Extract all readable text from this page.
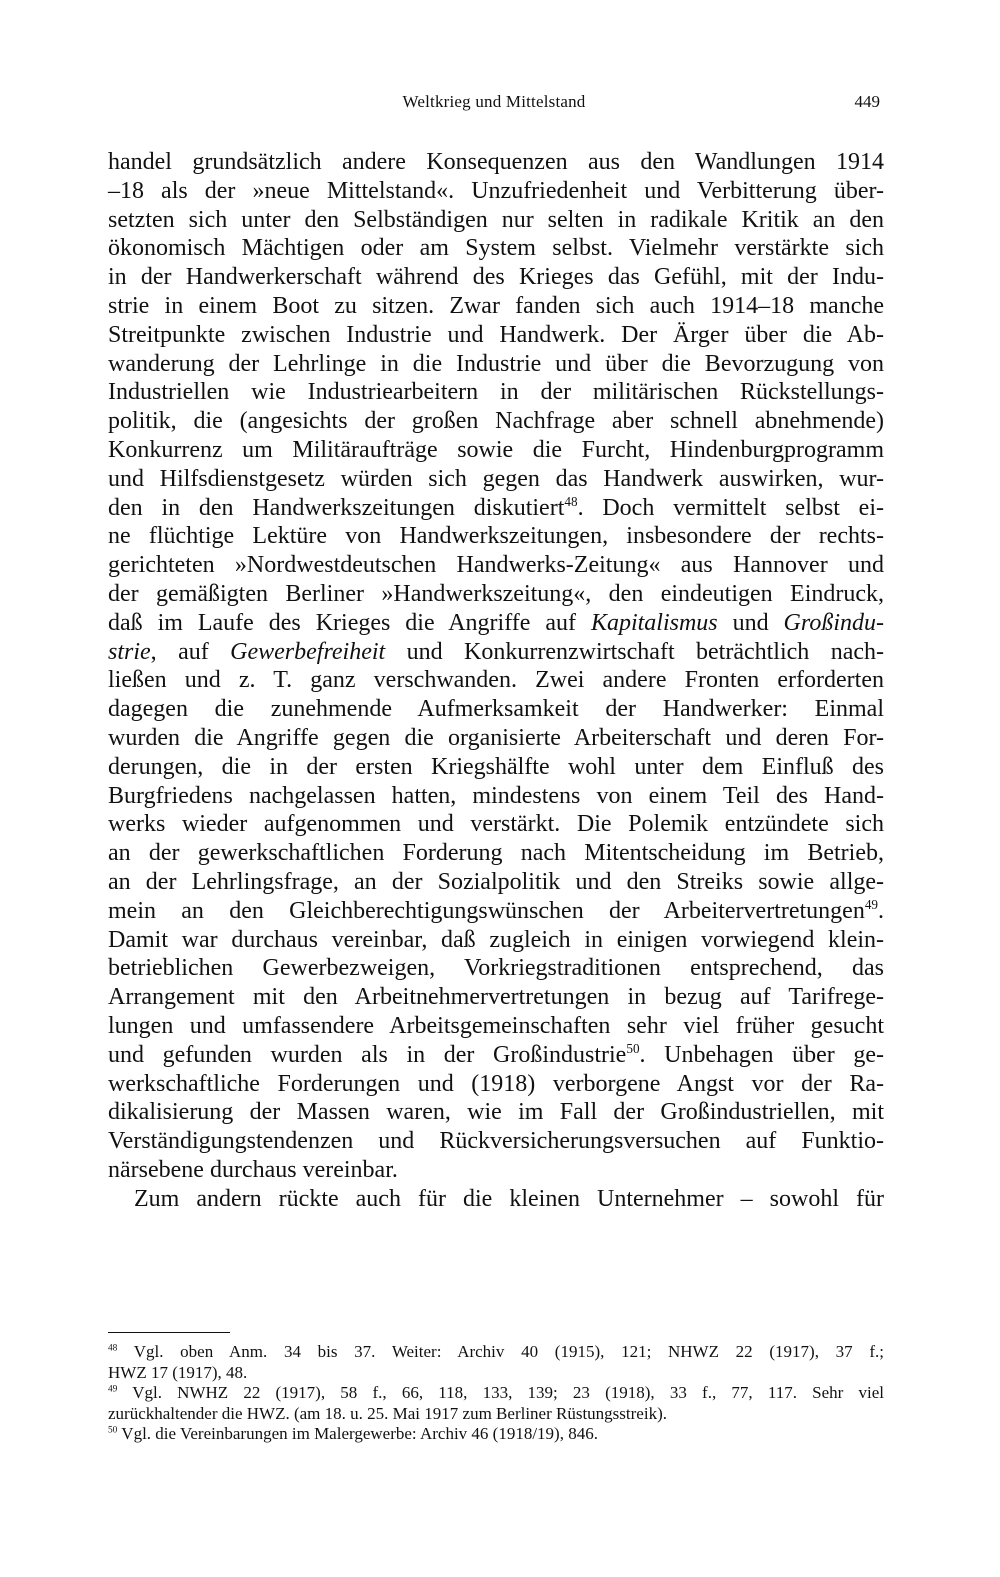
Weltkrieg und Mittelstand	449
handel grundsätzlich andere Konsequenzen aus den Wandlungen 1914
–18 als der »neue Mittelstand«. Unzufriedenheit und Verbitterung über-
setzten sich unter den Selbständigen nur selten in radikale Kritik an den
ökonomisch Mächtigen oder am System selbst. Vielmehr verstärkte sich
in der Handwerkerschaft während des Krieges das Gefühl, mit der Indu-
strie in einem Boot zu sitzen. Zwar fanden sich auch 1914–18 manche
Streitpunkte zwischen Industrie und Handwerk. Der Ärger über die Ab-
wanderung der Lehrlinge in die Industrie und über die Bevorzugung von
Industriellen wie Industriearbeitern in der militärischen Rückstellungs-
politik, die (angesichts der großen Nachfrage aber schnell abnehmende)
Konkurrenz um Militäraufträge sowie die Furcht, Hindenburgprogramm
und Hilfsdienstgesetz würden sich gegen das Handwerk auswirken, wur-
den in den Handwerkszeitungen diskutiert$^{48}$. Doch vermittelt selbst ei-
ne flüchtige Lektüre von Handwerkszeitungen, insbesondere der rechts-
gerichteten »Nordwestdeutschen Handwerks-Zeitung« aus Hannover und
der gemäßigten Berliner »Handwerkszeitung«, den eindeutigen Eindruck,
daß im Laufe des Krieges die Angriffe auf Kapitalismus und Großindu-
strie, auf Gewerbefreiheit und Konkurrenzwirtschaft beträchtlich nach-
ließen und z. T. ganz verschwanden. Zwei andere Fronten erforderten
dagegen die zunehmende Aufmerksamkeit der Handwerker: Einmal
wurden die Angriffe gegen die organisierte Arbeiterschaft und deren For-
derungen, die in der ersten Kriegshälfte wohl unter dem Einfluß des
Burgfriedens nachgelassen hatten, mindestens von einem Teil des Hand-
werks wieder aufgenommen und verstärkt. Die Polemik entzündete sich
an der gewerkschaftlichen Forderung nach Mitentscheidung im Betrieb,
an der Lehrlingsfrage, an der Sozialpolitik und den Streiks sowie allge-
mein an den Gleichberechtigungswünschen der Arbeitervertretungen$^{49}$.
Damit war durchaus vereinbar, daß zugleich in einigen vorwiegend klein-
betrieblichen Gewerbezweigen, Vorkriegstraditionen entsprechend, das
Arrangement mit den Arbeitnehmervertretungen in bezug auf Tarifrege-
lungen und umfassendere Arbeitsgemeinschaften sehr viel früher gesucht
und gefunden wurden als in der Großindustrie$^{50}$. Unbehagen über ge-
werkschaftliche Forderungen und (1918) verborgene Angst vor der Ra-
dikalisierung der Massen waren, wie im Fall der Großindustriellen, mit
Verständigungstendenzen und Rückversicherungsversuchen auf Funktio-
närsebene durchaus vereinbar.
Zum andern rückte auch für die kleinen Unternehmer – sowohl für
$^{48}$ Vgl. oben Anm. 34 bis 37. Weiter: Archiv 40 (1915), 121; NHWZ 22 (1917), 37 f.;
HWZ 17 (1917), 48.
$^{49}$ Vgl. NWHZ 22 (1917), 58 f., 66, 118, 133, 139; 23 (1918), 33 f., 77, 117. Sehr viel
zurückhaltender die HWZ. (am 18. u. 25. Mai 1917 zum Berliner Rüstungsstreik).
$^{50}$ Vgl. die Vereinbarungen im Malergewerbe: Archiv 46 (1918/19), 846.
